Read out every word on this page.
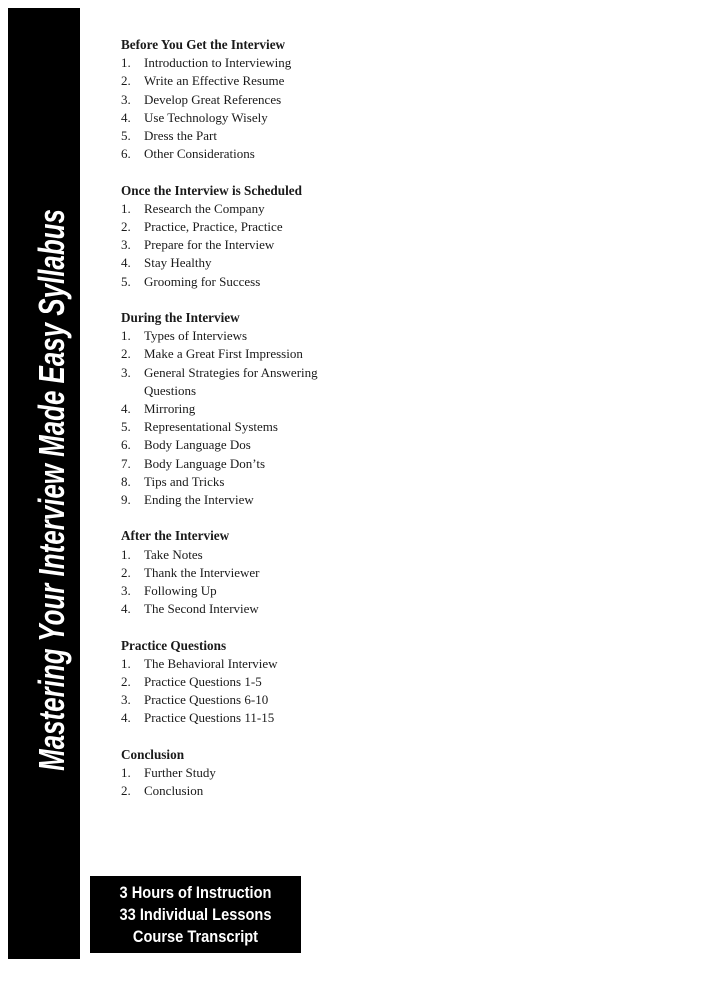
Mastering Your Interview Made Easy Syllabus
Before You Get the Interview
1.	Introduction to Interviewing
2.	Write an Effective Resume
3.	Develop Great References
4.	Use Technology Wisely
5.	Dress the Part
6.	Other Considerations
Once the Interview is Scheduled
1.	Research the Company
2.	Practice, Practice, Practice
3.	Prepare for the Interview
4.	Stay Healthy
5.	Grooming for Success
During the Interview
1.	Types of Interviews
2.	Make a Great First Impression
3.	General Strategies for Answering Questions
4.	Mirroring
5.	Representational Systems
6.	Body Language Dos
7.	Body Language Don’ts
8.	Tips and Tricks
9.	Ending the Interview
After the Interview
1.	Take Notes
2.	Thank the Interviewer
3.	Following Up
4.	The Second Interview
Practice Questions
1.	The Behavioral Interview
2.	Practice Questions 1-5
3.	Practice Questions 6-10
4.	Practice Questions 11-15
Conclusion
1.	Further Study
2.	Conclusion
3 Hours of Instruction
33 Individual Lessons
Course Transcript
